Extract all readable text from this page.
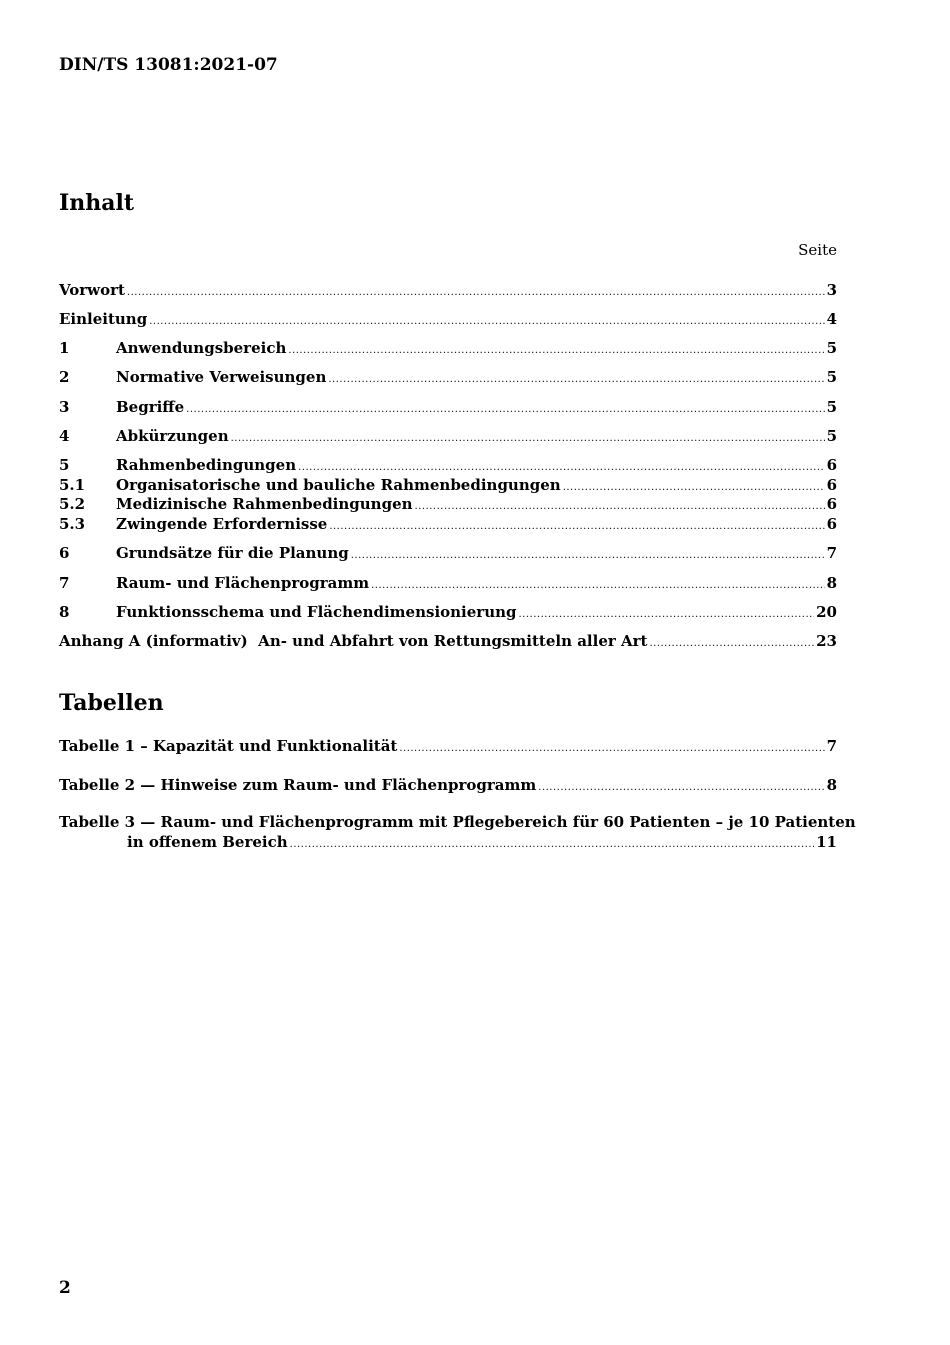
DIN/TS 13081:2021-07
Inhalt
Seite
Vorwort .....	3
Einleitung .....	4
1	Anwendungsbereich .....	5
2	Normative Verweisungen .....	5
3	Begriffe .....	5
4	Abkürzungen .....	5
5	Rahmenbedingungen .....	6
5.1	Organisatorische und bauliche Rahmenbedingungen .....	6
5.2	Medizinische Rahmenbedingungen .....	6
5.3	Zwingende Erfordernisse .....	6
6	Grundsätze für die Planung .....	7
7	Raum- und Flächenprogramm .....	8
8	Funktionsschema und Flächendimensionierung .....	20
Anhang A (informativ)  An- und Abfahrt von Rettungsmitteln aller Art .....	23
Tabellen
Tabelle 1 – Kapazität und Funktionalität .....	7
Tabelle 2 — Hinweise zum Raum- und Flächenprogramm .....	8
Tabelle 3 — Raum- und Flächenprogramm mit Pflegebereich für 60 Patienten – je 10 Patienten
in offenem Bereich .....	11
2
